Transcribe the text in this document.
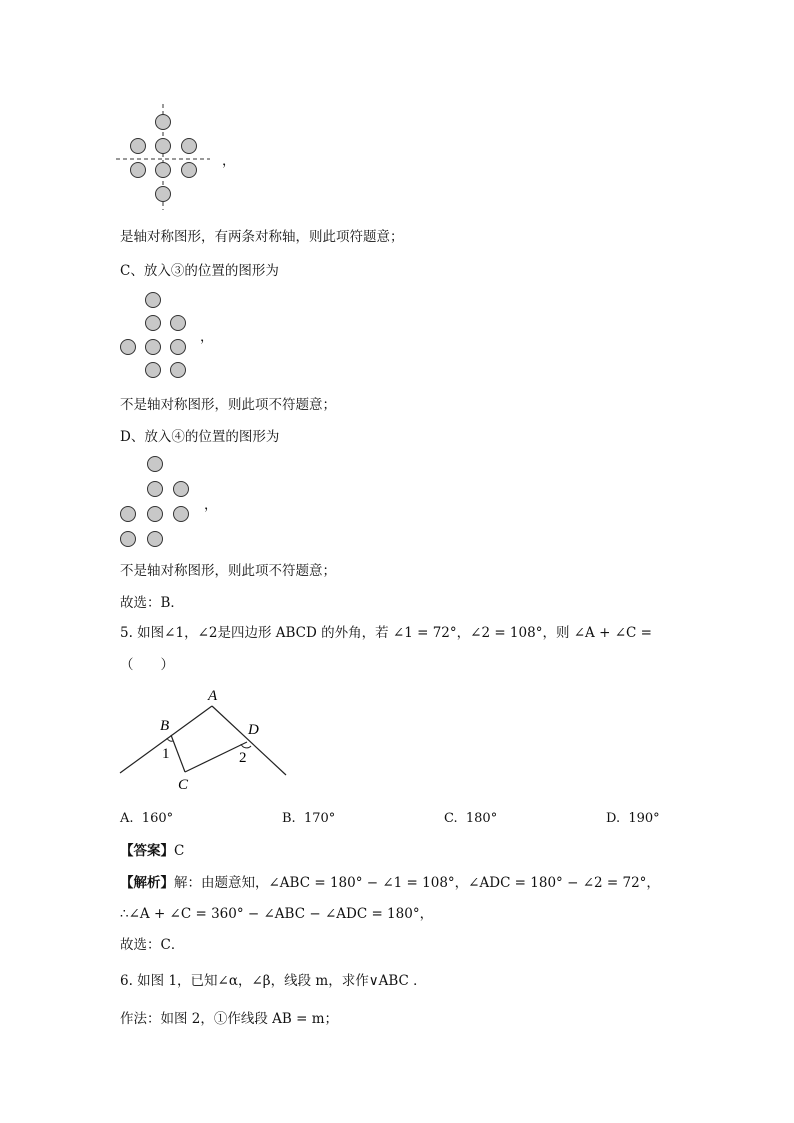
，
是轴对称图形，有两条对称轴，则此项符题意；
C、放入③的位置的图形为
，
不是轴对称图形，则此项不符题意；
D、放入④的位置的图形为
，
不是轴对称图形，则此项不符题意；
故选：B．
5. 如图∠1，∠2是四边形 ABCD 的外角，若 ∠1 = 72°，∠2 = 108°，则 ∠A + ∠C =
（　　）
A
B
C
D
1	2
A. 160°	B. 170°	C. 180°	D. 190°
【答案】C
【解析】解：由题意知，∠ABC = 180° − ∠1 = 108°，∠ADC = 180° − ∠2 = 72°，
∴∠A + ∠C = 360° − ∠ABC − ∠ADC = 180°，
故选：C．
6. 如图 1，已知∠α，∠β，线段 m，求作∨ABC ．
作法：如图 2，①作线段 AB = m；
